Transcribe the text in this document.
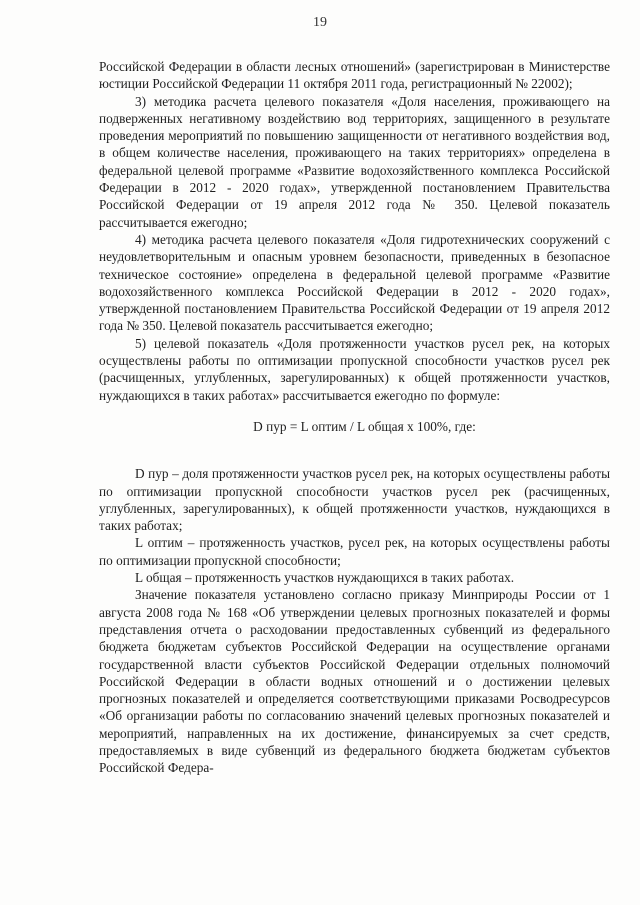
19

Российской Федерации в области лесных отношений» (зарегистрирован в Министерстве юстиции Российской Федерации 11 октября 2011 года, регистрационный № 22002);

3) методика расчета целевого показателя «Доля населения, проживающего на подверженных негативному воздействию вод территориях, защищенного в результате проведения мероприятий по повышению защищенности от негативного воздействия вод, в общем количестве населения, проживающего на таких территориях» определена в федеральной целевой программе «Развитие водохозяйственного комплекса Российской Федерации в 2012 - 2020 годах», утвержденной постановлением Правительства Российской Федерации от 19 апреля 2012 года № 350. Целевой показатель рассчитывается ежегодно;

4) методика расчета целевого показателя «Доля гидротехнических сооружений с неудовлетворительным и опасным уровнем безопасности, приведенных в безопасное техническое состояние» определена в федеральной целевой программе «Развитие водохозяйственного комплекса Российской Федерации в 2012 - 2020 годах», утвержденной постановлением Правительства Российской Федерации от 19 апреля 2012 года № 350. Целевой показатель рассчитывается ежегодно;

5) целевой показатель «Доля протяженности участков русел рек, на которых осуществлены работы по оптимизации пропускной способности участков русел рек (расчищенных, углубленных, зарегулированных) к общей протяженности участков, нуждающихся в таких работах» рассчитывается ежегодно по формуле:

D пур = L оптим / L общая x 100%, где:

D пур – доля протяженности участков русел рек, на которых осуществлены работы по оптимизации пропускной способности участков русел рек (расчищенных, углубленных, зарегулированных), к общей протяженности участков, нуждающихся в таких работах;

L оптим – протяженность участков, русел рек, на которых осуществлены работы по оптимизации пропускной способности;

L общая – протяженность участков нуждающихся в таких работах.

Значение показателя установлено согласно приказу Минприроды России от 1 августа 2008 года № 168 «Об утверждении целевых прогнозных показателей и формы представления отчета о расходовании предоставленных субвенций из федерального бюджета бюджетам субъектов Российской Федерации на осуществление органами государственной власти субъектов Российской Федерации отдельных полномочий Российской Федерации в области водных отношений и о достижении целевых прогнозных показателей и определяется соответствующими приказами Росводресурсов «Об организации работы по согласованию значений целевых прогнозных показателей и мероприятий, направленных на их достижение, финансируемых за счет средств, предоставляемых в виде субвенций из федерального бюджета бюджетам субъектов Российской Федера-
